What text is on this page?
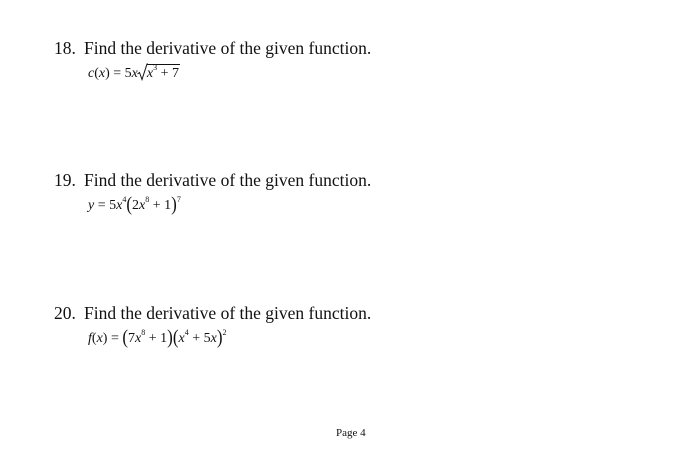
18. Find the derivative of the given function.
c(x) = 5x $x^3 + 7$
19. Find the derivative of the given function.
$y = 5x^4(2x^8 + 1)^7$
20. Find the derivative of the given function.
$f(x) = (7x^8 + 1)(x^4 + 5x)^2$
Page 4
